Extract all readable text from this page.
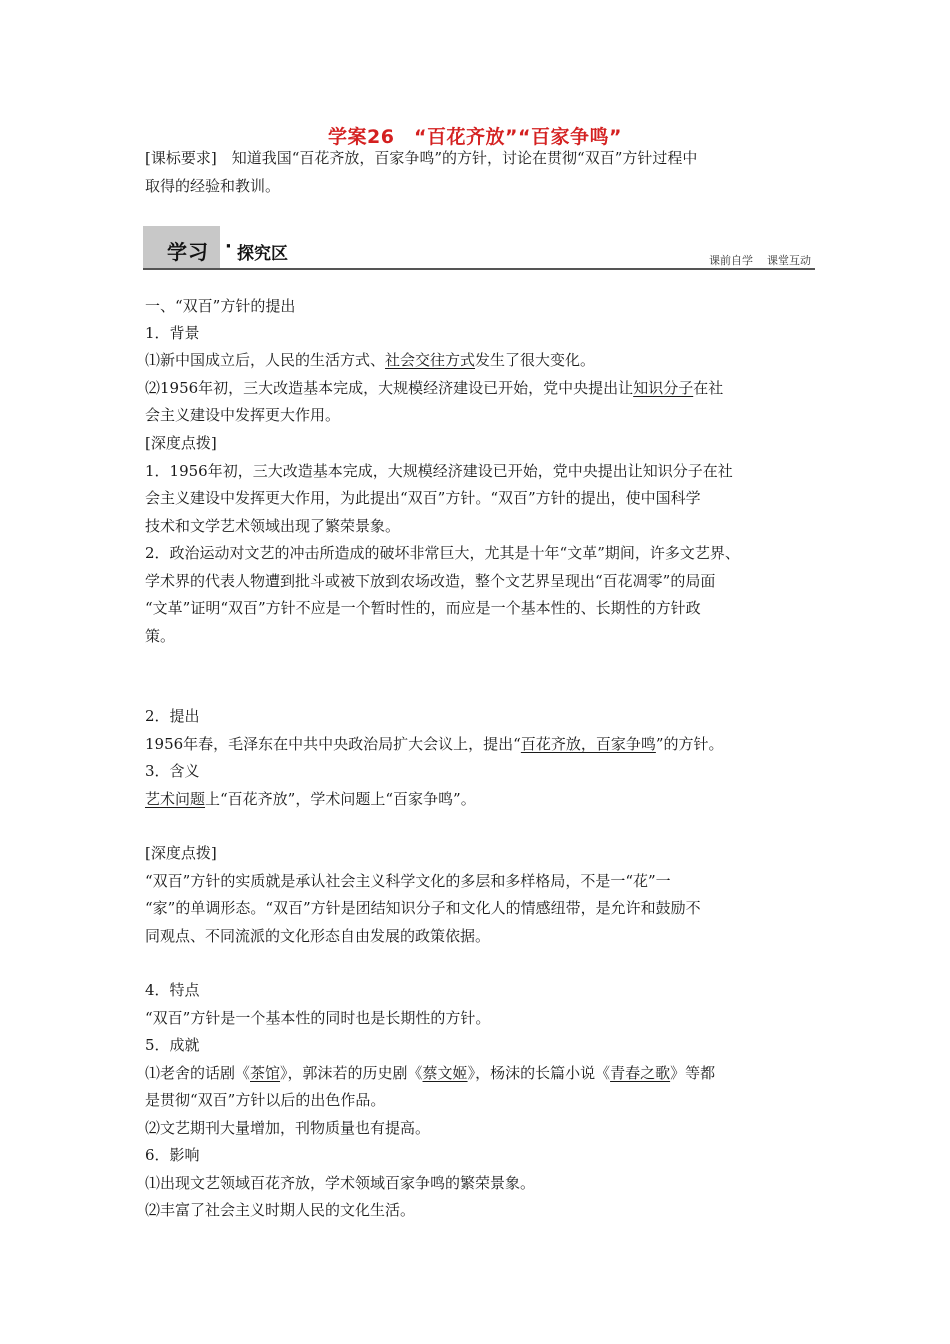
学案26　“百花齐放”“百家争鸣”
[课标要求]　知道我国“百花齐放，百家争鸣”的方针，讨论在贯彻“双百”方针过程中
取得的经验和教训。
学习 · 探究区	课前自学 课堂互动
一、“双百”方针的提出
1．背景
⑴新中国成立后，人民的生活方式、社会交往方式发生了很大变化。
⑵1956年初，三大改造基本完成，大规模经济建设已开始，党中央提出让知识分子在社
会主义建设中发挥更大作用。
[深度点拨]
1．1956年初，三大改造基本完成，大规模经济建设已开始，党中央提出让知识分子在社
会主义建设中发挥更大作用，为此提出“双百”方针。“双百”方针的提出，使中国科学
技术和文学艺术领域出现了繁荣景象。
2．政治运动对文艺的冲击所造成的破坏非常巨大，尤其是十年“文革”期间，许多文艺界、
学术界的代表人物遭到批斗或被下放到农场改造，整个文艺界呈现出“百花凋零”的局面
“文革”证明“双百”方针不应是一个暂时性的，而应是一个基本性的、长期性的方针政
策。
2．提出
1956年春，毛泽东在中共中央政治局扩大会议上，提出“百花齐放，百家争鸣”的方针。
3．含义
艺术问题上“百花齐放”，学术问题上“百家争鸣”。
[深度点拨]
“双百”方针的实质就是承认社会主义科学文化的多层和多样格局，不是一“花”一
“家”的单调形态。“双百”方针是团结知识分子和文化人的情感纽带，是允许和鼓励不
同观点、不同流派的文化形态自由发展的政策依据。
4．特点
“双百”方针是一个基本性的同时也是长期性的方针。
5．成就
⑴老舍的话剧《茶馆》，郭沫若的历史剧《蔡文姬》，杨沫的长篇小说《青春之歌》等都
是贯彻“双百”方针以后的出色作品。
⑵文艺期刊大量增加，刊物质量也有提高。
6．影响
⑴出现文艺领域百花齐放，学术领域百家争鸣的繁荣景象。
⑵丰富了社会主义时期人民的文化生活。
